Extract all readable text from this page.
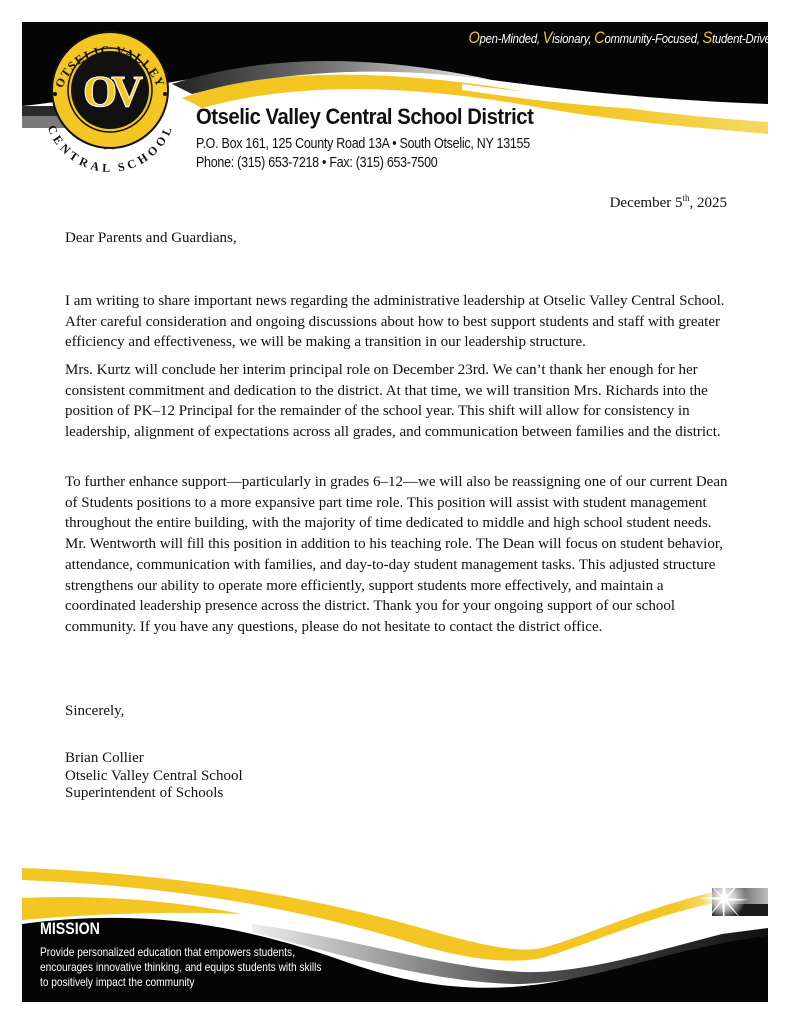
Open-Minded, Visionary, Community-Focused, Student-Driven
OTSELIC VALLEY
CENTRAL SCHOOL
OV
Otselic Valley Central School District
P.O. Box 161, 125 County Road 13A • South Otselic, NY 13155
Phone: (315) 653-7218 • Fax: (315) 653-7500
December 5th, 2025
Dear Parents and Guardians,

I am writing to share important news regarding the administrative leadership at Otselic Valley Central School. After careful consideration and ongoing discussions about how to best support students and staff with greater efficiency and effectiveness, we will be making a transition in our leadership structure.

Mrs. Kurtz will conclude her interim principal role on December 23rd. We can’t thank her enough for her consistent commitment and dedication to the district. At that time, we will transition Mrs. Richards into the position of PK–12 Principal for the remainder of the school year. This shift will allow for consistency in leadership, alignment of expectations across all grades, and communication between families and the district.

To further enhance support—particularly in grades 6–12—we will also be reassigning one of our current Dean of Students positions to a more expansive part time role. This position will assist with student management throughout the entire building, with the majority of time dedicated to middle and high school student needs. Mr. Wentworth will fill this position in addition to his teaching role. The Dean will focus on student behavior, attendance, communication with families, and day-to-day student management tasks. This adjusted structure strengthens our ability to operate more efficiently, support students more effectively, and maintain a coordinated leadership presence across the district. Thank you for your ongoing support of our school community. If you have any questions, please do not hesitate to contact the district office.

Sincerely,
Brian Collier
Otselic Valley Central School
Superintendent of Schools
MISSION
Provide personalized education that empowers students,
encourages innovative thinking, and equips students with skills
to positively impact the community
